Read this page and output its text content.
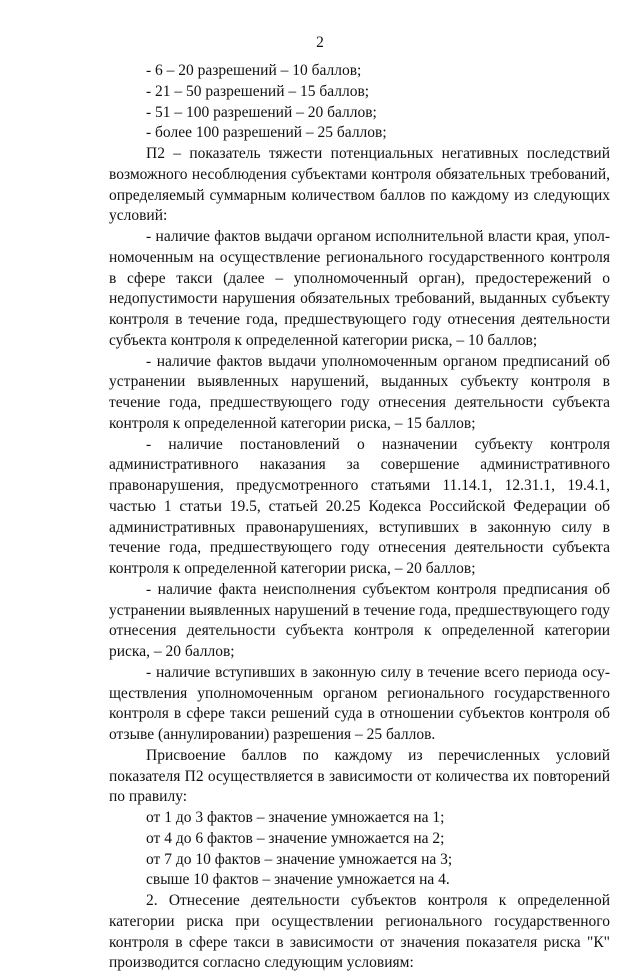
2

- 6 – 20 разрешений – 10 баллов;

- 21 – 50 разрешений – 15 баллов;

- 51 – 100 разрешений – 20 баллов;

- более 100 разрешений – 25 баллов;

П2 – показатель тяжести потенциальных негативных последствий возможного несоблюдения субъектами контроля обязательных требований, определяемый суммарным количеством баллов по каждому из следующих условий:

- наличие фактов выдачи органом исполнительной власти края, уполномоченным на осуществление регионального государственного контроля в сфере такси (далее – уполномоченный орган), предостережений о недопустимости нарушения обязательных требований, выданных субъекту контроля в течение года, предшествующего году отнесения деятельности субъекта контроля к определенной категории риска, – 10 баллов;

- наличие фактов выдачи уполномоченным органом предписаний об устранении выявленных нарушений, выданных субъекту контроля в течение года, предшествующего году отнесения деятельности субъекта контроля к определенной категории риска, – 15 баллов;

- наличие постановлений о назначении субъекту контроля административного наказания за совершение административного правонарушения, предусмотренного статьями 11.14.1, 12.31.1, 19.4.1, частью 1 статьи 19.5, статьей 20.25 Кодекса Российской Федерации об административных правонарушениях, вступивших в законную силу в течение года, предшествующего году отнесения деятельности субъекта контроля к определенной категории риска, – 20 баллов;

- наличие факта неисполнения субъектом контроля предписания об устранении выявленных нарушений в течение года, предшествующего году отнесения деятельности субъекта контроля к определенной категории риска, – 20 баллов;

- наличие вступивших в законную силу в течение всего периода осуществления уполномоченным органом регионального государственного контроля в сфере такси решений суда в отношении субъектов контроля об отзыве (аннулировании) разрешения – 25 баллов.

Присвоение баллов по каждому из перечисленных условий показателя П2 осуществляется в зависимости от количества их повторений по правилу:

от 1 до 3 фактов – значение умножается на 1;

от 4 до 6 фактов – значение умножается на 2;

от 7 до 10 фактов – значение умножается на 3;

свыше 10 фактов – значение умножается на 4.

2. Отнесение деятельности субъектов контроля к определенной категории риска при осуществлении регионального государственного контроля в сфере такси в зависимости от значения показателя риска "К" производится согласно следующим условиям:
